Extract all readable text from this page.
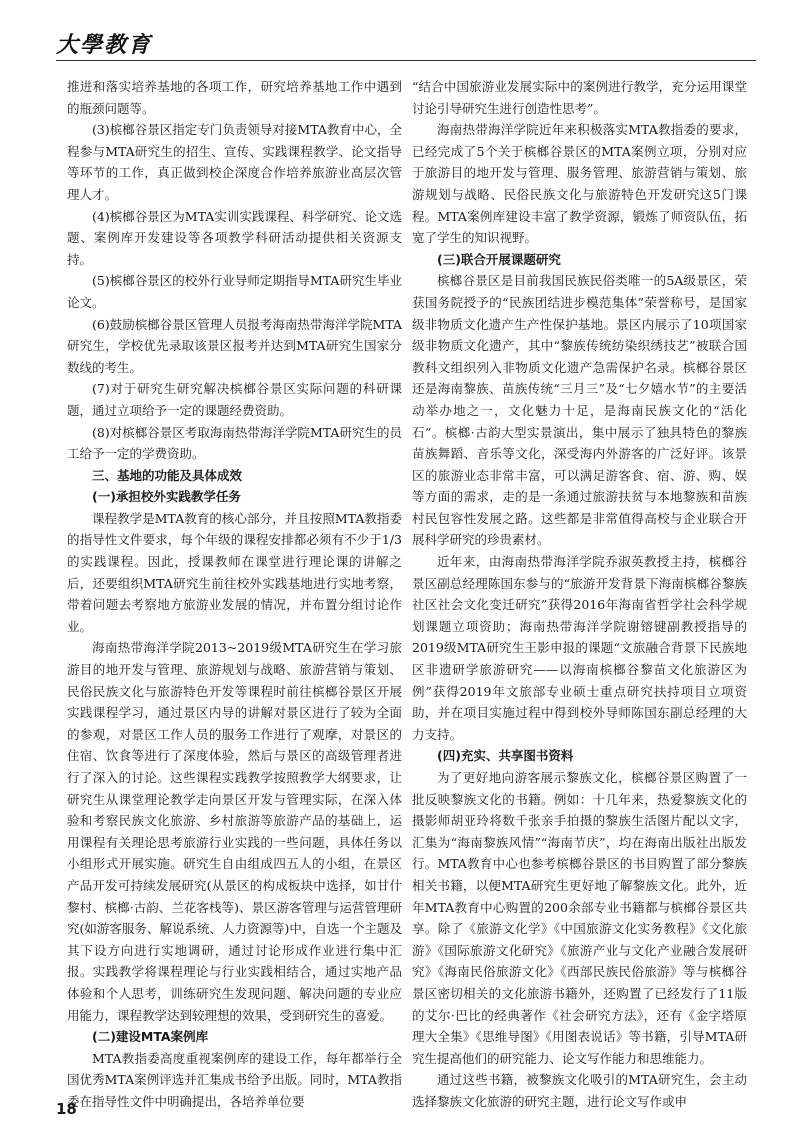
大學教育

推进和落实培养基地的各项工作，研究培养基地工作中遇到的瓶颈问题等。

(3)槟榔谷景区指定专门负责领导对接MTA教育中心，全程参与MTA研究生的招生、宣传、实践课程教学、论文指导等环节的工作，真正做到校企深度合作培养旅游业高层次管理人才。

(4)槟榔谷景区为MTA实训实践课程、科学研究、论文选题、案例库开发建设等各项教学科研活动提供相关资源支持。

(5)槟榔谷景区的校外行业导师定期指导MTA研究生毕业论文。

(6)鼓励槟榔谷景区管理人员报考海南热带海洋学院MTA研究生，学校优先录取该景区报考并达到MTA研究生国家分数线的考生。

(7)对于研究生研究解决槟榔谷景区实际问题的科研课题，通过立项给予一定的课题经费资助。

(8)对槟榔谷景区考取海南热带海洋学院MTA研究生的员工给予一定的学费资助。

三、基地的功能及具体成效
(一)承担校外实践教学任务

课程教学是MTA教育的核心部分，并且按照MTA教指委的指导性文件要求，每个年级的课程安排都必须有不少于1/3的实践课程。因此，授课教师在课堂进行理论课的讲解之后，还要组织MTA研究生前往校外实践基地进行实地考察，带着问题去考察地方旅游业发展的情况，并布置分组讨论作业。

海南热带海洋学院2013~2019级MTA研究生在学习旅游目的地开发与管理、旅游规划与战略、旅游营销与策划、民俗民族文化与旅游特色开发等课程时前往槟榔谷景区开展实践课程学习，通过景区内导的讲解对景区进行了较为全面的参观，对景区工作人员的服务工作进行了观摩，对景区的住宿、饮食等进行了深度体验，然后与景区的高级管理者进行了深入的讨论。这些课程实践教学按照教学大纲要求，让研究生从课堂理论教学走向景区开发与管理实际，在深入体验和考察民族文化旅游、乡村旅游等旅游产品的基础上，运用课程有关理论思考旅游行业实践的一些问题，具体任务以小组形式开展实施。研究生自由组成四五人的小组，在景区产品开发可持续发展研究(从景区的构成板块中选择，如甘什黎村、槟榔·古韵、兰花客栈等)、景区游客管理与运营管理研究(如游客服务、解说系统、人力资源等)中，自选一个主题及其下设方向进行实地调研，通过讨论形成作业进行集中汇报。实践教学将课程理论与行业实践相结合，通过实地产品体验和个人思考，训练研究生发现问题、解决问题的专业应用能力，课程教学达到较理想的效果，受到研究生的喜爱。

(二)建设MTA案例库

MTA教指委高度重视案例库的建设工作，每年都举行全国优秀MTA案例评选并汇集成书给予出版。同时，MTA教指委在指导性文件中明确提出，各培养单位要

“结合中国旅游业发展实际中的案例进行教学，充分运用课堂讨论引导研究生进行创造性思考”。

海南热带海洋学院近年来积极落实MTA教指委的要求，已经完成了5个关于槟榔谷景区的MTA案例立项，分别对应于旅游目的地开发与管理、服务管理、旅游营销与策划、旅游规划与战略、民俗民族文化与旅游特色开发研究这5门课程。MTA案例库建设丰富了教学资源，锻炼了师资队伍，拓宽了学生的知识视野。

(三)联合开展课题研究

槟榔谷景区是目前我国民族民俗类唯一的5A级景区，荣获国务院授予的“民族团结进步模范集体”荣誉称号，是国家级非物质文化遗产生产性保护基地。景区内展示了10项国家级非物质文化遗产，其中“黎族传统纺染织绣技艺”被联合国教科文组织列入非物质文化遗产急需保护名录。槟榔谷景区还是海南黎族、苗族传统“三月三”及“七夕嬉水节”的主要活动举办地之一，文化魅力十足，是海南民族文化的“活化石”。槟榔·古韵大型实景演出，集中展示了独具特色的黎族苗族舞蹈、音乐等文化，深受海内外游客的广泛好评。该景区的旅游业态非常丰富，可以满足游客食、宿、游、购、娱等方面的需求，走的是一条通过旅游扶贫与本地黎族和苗族村民包容性发展之路。这些都是非常值得高校与企业联合开展科学研究的珍贵素材。

近年来，由海南热带海洋学院乔淑英教授主持，槟榔谷景区副总经理陈国东参与的“旅游开发背景下海南槟榔谷黎族社区社会文化变迁研究”获得2016年海南省哲学社会科学规划课题立项资助；海南热带海洋学院谢镕键副教授指导的2019级MTA研究生王影申报的课题“文旅融合背景下民族地区非遗研学旅游研究——以海南槟榔谷黎苗文化旅游区为例”获得2019年文旅部专业硕士重点研究扶持项目立项资助，并在项目实施过程中得到校外导师陈国东副总经理的大力支持。

(四)充实、共享图书资料

为了更好地向游客展示黎族文化，槟榔谷景区购置了一批反映黎族文化的书籍。例如：十几年来，热爱黎族文化的摄影师胡亚玲将数千张亲手拍摄的黎族生活图片配以文字，汇集为“海南黎族风情”“海南节庆”，均在海南出版社出版发行。MTA教育中心也参考槟榔谷景区的书目购置了部分黎族相关书籍，以便MTA研究生更好地了解黎族文化。此外，近年MTA教育中心购置的200余部专业书籍都与槟榔谷景区共享。除了《旅游文化学》《中国旅游文化实务教程》《文化旅游》《国际旅游文化研究》《旅游产业与文化产业融合发展研究》《海南民俗旅游文化》《西部民族民俗旅游》等与槟榔谷景区密切相关的文化旅游书籍外，还购置了已经发行了11版的艾尔·巴比的经典著作《社会研究方法》，还有《金字塔原理大全集》《思维导图》《用图表说话》等书籍，引导MTA研究生提高他们的研究能力、论文写作能力和思维能力。

通过这些书籍，被黎族文化吸引的MTA研究生，会主动选择黎族文化旅游的研究主题，进行论文写作或申

18
